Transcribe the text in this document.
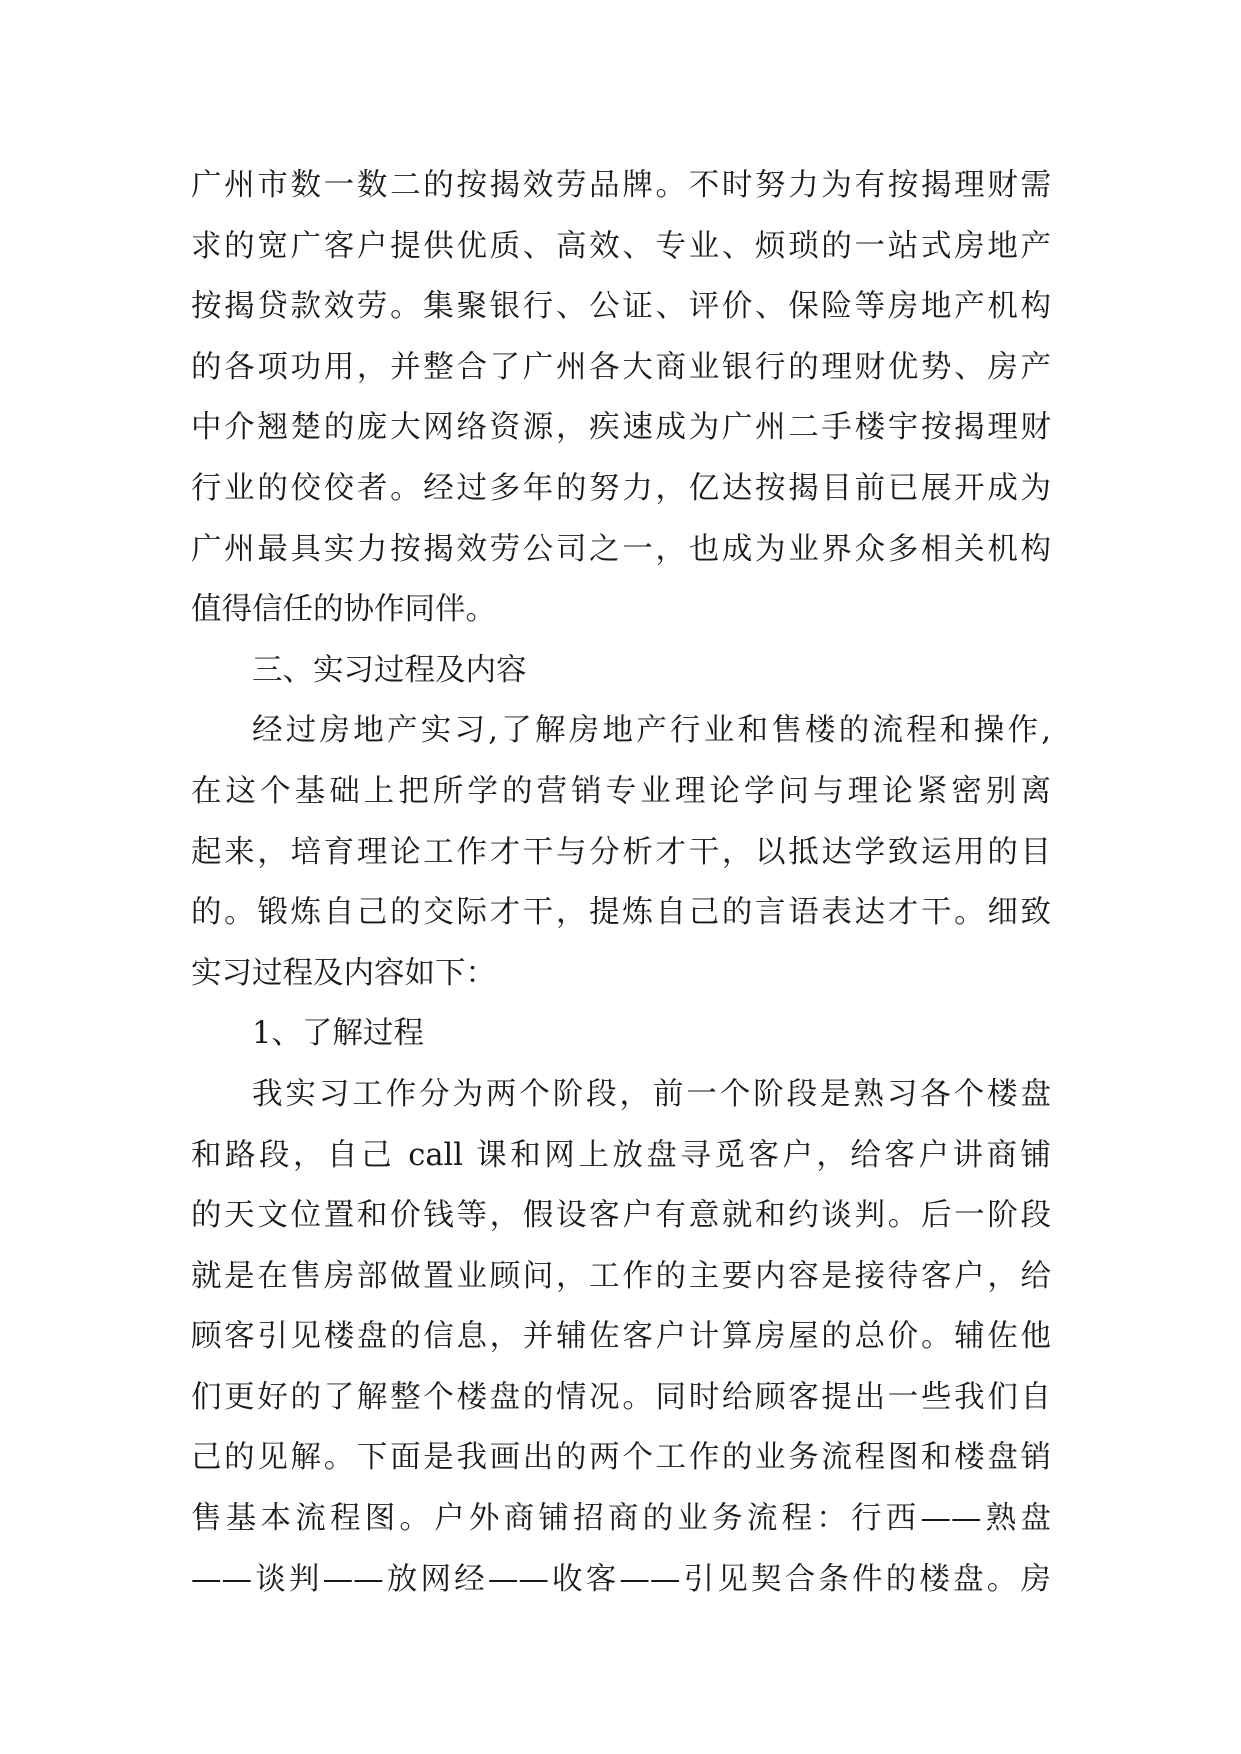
广州市数一数二的按揭效劳品牌。不时努力为有按揭理财需
求的宽广客户提供优质、高效、专业、烦琐的一站式房地产
按揭贷款效劳。集聚银行、公证、评价、保险等房地产机构
的各项功用，并整合了广州各大商业银行的理财优势、房产
中介翘楚的庞大网络资源，疾速成为广州二手楼宇按揭理财
行业的佼佼者。经过多年的努力，亿达按揭目前已展开成为
广州最具实力按揭效劳公司之一，也成为业界众多相关机构
值得信任的协作同伴。

三、实习过程及内容

经过房地产实习,了解房地产行业和售楼的流程和操作,
在这个基础上把所学的营销专业理论学问与理论紧密别离
起来，培育理论工作才干与分析才干，以抵达学致运用的目
的。锻炼自己的交际才干，提炼自己的言语表达才干。细致
实习过程及内容如下：

1、了解过程

我实习工作分为两个阶段，前一个阶段是熟习各个楼盘
和路段，自己 call 课和网上放盘寻觅客户，给客户讲商铺
的天文位置和价钱等，假设客户有意就和约谈判。后一阶段
就是在售房部做置业顾问，工作的主要内容是接待客户，给
顾客引见楼盘的信息，并辅佐客户计算房屋的总价。辅佐他
们更好的了解整个楼盘的情况。同时给顾客提出一些我们自
己的见解。下面是我画出的两个工作的业务流程图和楼盘销
售基本流程图。户外商铺招商的业务流程：行西——熟盘
——谈判——放网经——收客——引见契合条件的楼盘。房
